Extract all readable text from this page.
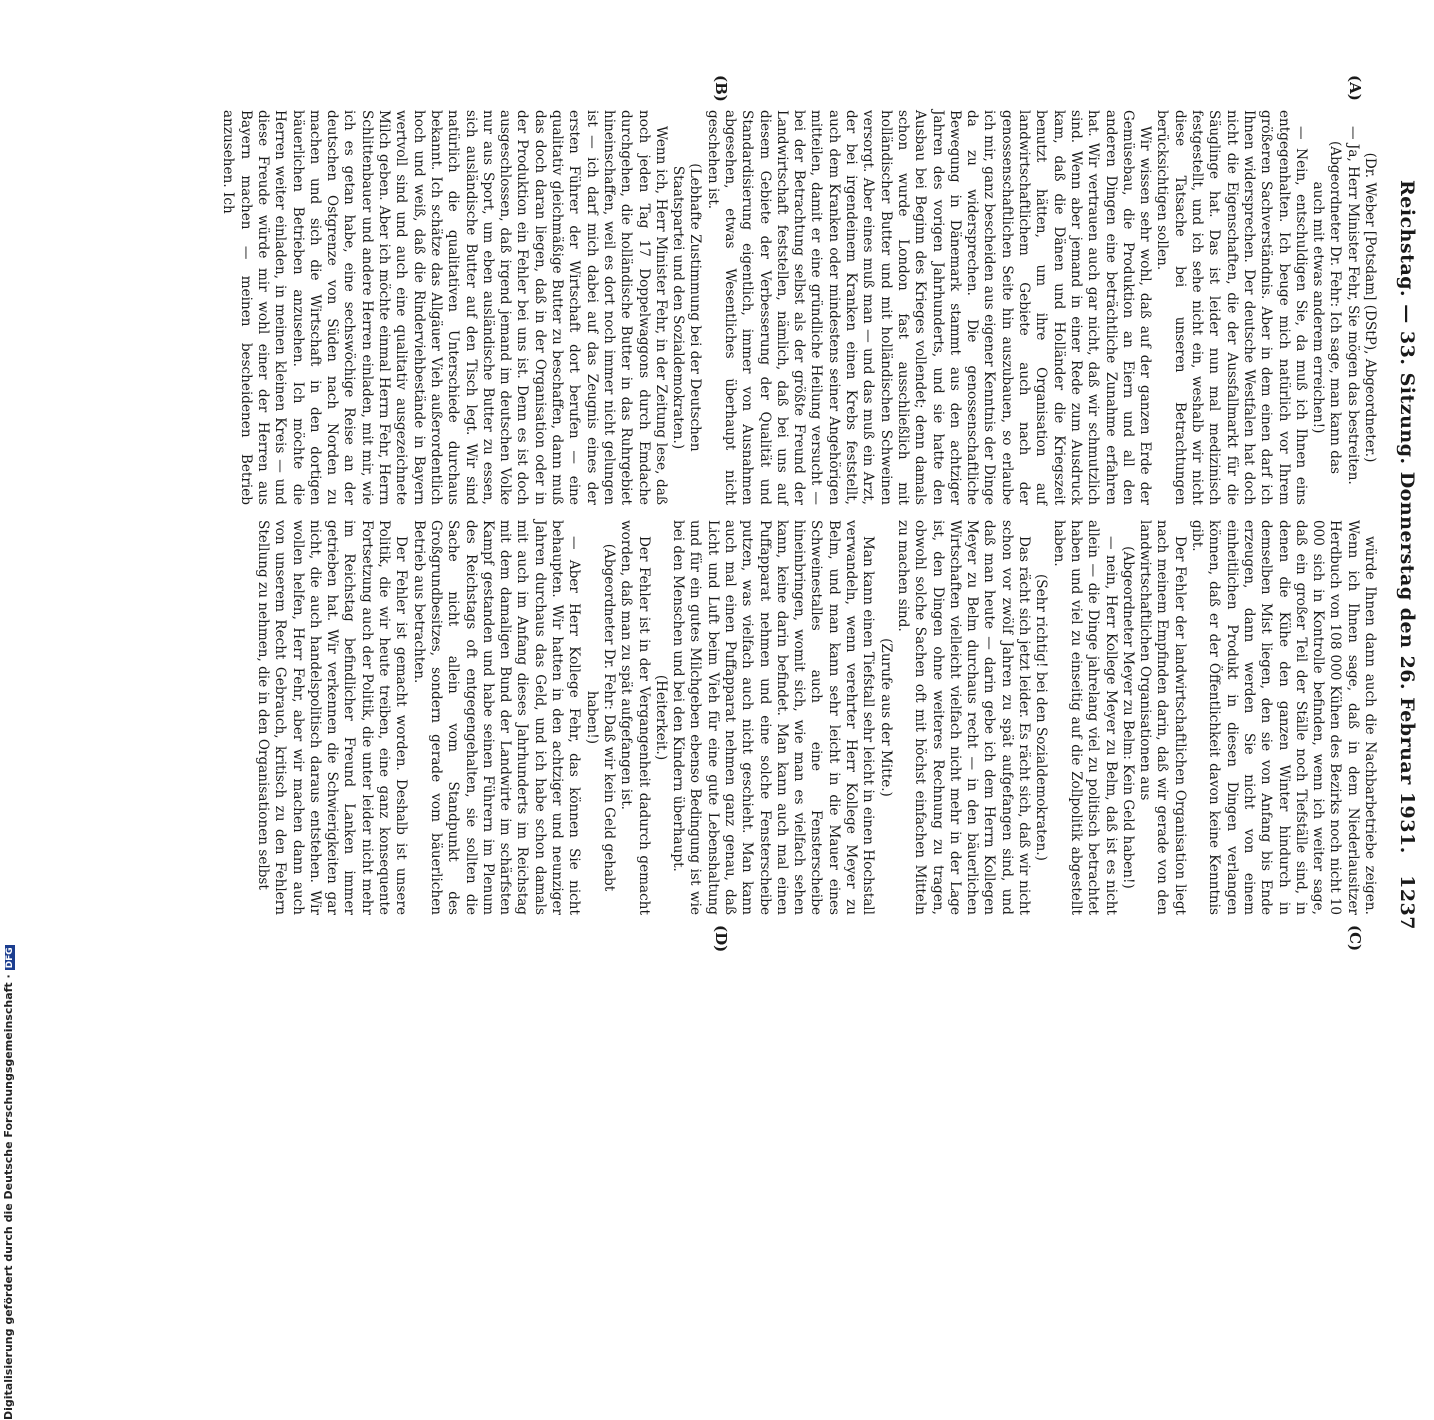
Reichstag. — 33. Sitzung. Donnerstag den 26. Februar 1931.
1237
(A)
(B)
(C)
(D)

(Dr. Weber [Potsdam] (DStP), Abgeordneter.)

— Ja, Herr Minister Fehr, Sie mögen das bestreiten.

(Abgeordneter Dr. Fehr: Ich sage, man kann das auch mit etwas anderem erreichen!)

— Nein, entschuldigen Sie, da muß ich Ihnen eins entgegenhalten. Ich beuge mich natürlich vor Ihrem größeren Sachverständnis. Aber in dem einen darf ich Ihnen widersprechen. Der deutsche Westfalen hat doch nicht die Eigenschaften, die der Aussfallmarkt für die Säuglinge hat. Das ist leider nun mal medizinisch festgestellt, und ich sehe nicht ein, weshalb wir nicht diese Tatsache bei unseren Betrachtungen berücksichtigen sollen.

Wir wissen sehr wohl, daß auf der ganzen Erde der Gemüsebau, die Produktion an Eiern und all den anderen Dingen eine beträchtliche Zunahme erfahren hat. Wir vertrauen auch gar nicht, daß wir schmutzlich sind. Wenn aber jemand in einer Rede zum Ausdruck kam, daß die Dänen und Holländer die Kriegszeit benutzt hätten, um ihre Organisation auf landwirtschaftlichem Gebiete auch nach der genossenschaftlichen Seite hin auszubauen, so erlaube ich mir, ganz bescheiden aus eigener Kenntnis der Dinge da zu widersprechen. Die genossenschaftliche Bewegung in Dänemark stammt aus den achtziger Jahren des vorigen Jahrhunderts, und sie hatte den Ausbau bei Beginn des Krieges vollendet; denn damals schon wurde London fast ausschließlich mit holländischer Butter und mit holländischen Schweinen versorgt. Aber eines muß man — und das muß ein Arzt, der bei irgendeinem Kranken einen Krebs feststellt, auch dem Kranken oder mindestens seiner Angehörigen mitteilen, damit er eine gründliche Heilung versucht — bei der Betrachtung selbst als der größte Freund der Landwirtschaft feststellen, nämlich, daß bei uns auf diesem Gebiete der Verbesserung der Qualität und Standardisierung eigentlich, immer von Ausnahmen abgesehen, etwas Wesentliches überhaupt nicht geschehen ist.

(Lebhafte Zustimmung bei der Deutschen Staatspartei und den Sozialdemokraten.)

Wenn ich, Herr Minister Fehr, in der Zeitung lese, daß noch jeden Tag 17 Doppelwaggons durch Emdache durchgehen, die holländische Butter in das Ruhrgebiet hineinschaffen, weil es dort noch immer nicht gelungen ist — ich darf mich dabei auf das Zeugnis eines der ersten Führer der Wirtschaft dort berufen — eine qualitativ gleichmäßige Butter zu beschaffen, dann muß das doch daran liegen, daß in der Organisation oder in der Produktion ein Fehler bei uns ist. Denn es ist doch ausgeschlossen, daß irgend jemand im deutschen Volke nur aus Sport, um eben ausländische Butter zu essen, sich ausländische Butter auf den Tisch legt. Wir sind natürlich die qualitativen Unterschiede durchaus bekannt. Ich schätze das Allgäuer Vieh außerordentlich hoch und weiß, daß die Rinderviehbestände in Bayern wertvoll sind und auch eine qualitativ ausgezeichnete Milch geben. Aber ich möchte einmal Herrn Fehr, Herrn Schlittenbauer und andere Herren einladen, mit mir, wie ich es getan habe, eine sechswöchige Reise an der deutschen Ostgrenze von Süden nach Norden zu machen und sich die Wirtschaft in den dortigen bäuerlichen Betrieben anzusehen. Ich möchte die Herren weiter einladen, in meinen kleinen Kreis — und diese Freude würde mir wohl einer der Herren aus Bayern machen — meinen bescheidenen Betrieb anzusehen. Ich

würde Ihnen dann auch die Nachbarbetriebe zeigen. Wenn ich Ihnen sage, daß in dem Niederlausitzer Herdbuch von 108 000 Kühen des Bezirks noch nicht 10 000 sich in Kontrolle befinden, wenn ich weiter sage, daß ein großer Teil der Ställe noch Tiefställe sind, in denen die Kühe den ganzen Winter hindurch in demselben Mist liegen, den sie von Anfang bis Ende erzeugen, dann werden Sie nicht von einem einheitlichen Produkt in diesen Dingen verlangen können, daß er der Öffentlichkeit davon keine Kenntnis gibt.

Der Fehler der landwirtschaftlichen Organisation liegt nach meinem Empfinden darin, daß wir gerade von den landwirtschaftlichen Organisationen aus

(Abgeordneter Meyer zu Belm: Kein Geld haben!)

— nein, Herr Kollege Meyer zu Belm, daß ist es nicht allein — die Dinge jahrelang viel zu politisch betrachtet haben und viel zu einseitig auf die Zollpolitik abgestellt haben.

(Sehr richtig! bei den Sozialdemokraten.)

Das rächt sich jetzt leider. Es rächt sich, daß wir nicht schon vor zwölf Jahren zu spät aufgefangen sind, und daß man heute — darin gebe ich dem Herrn Kollegen Meyer zu Belm durchaus recht — in den bäuerlichen Wirtschaften vielleicht vielfach nicht mehr in der Lage ist, den Dingen ohne weiteres Rechnung zu tragen, obwohl solche Sachen oft mit höchst einfachen Mitteln zu machen sind.

(Zurufe aus der Mitte.)

Man kann einen Tiefstall sehr leicht in einen Hochstall verwandeln, wenn verehrter Herr Kollege Meyer zu Belm, und man kann sehr leicht in die Mauer eines Schweinestalles auch eine Fensterscheibe hineinbringen, womit sich, wie man es vielfach sehen kann, keine darin befindet. Man kann auch mal einen Puffapparat nehmen und eine solche Fensterscheibe putzen, was vielfach auch nicht geschieht. Man kann auch mal einen Puffapparat nehmen ganz genau, daß Licht und Luft beim Vieh für eine gute Lebenshaltung und für ein gutes Milchgeben ebenso Bedingung ist wie bei den Menschen und bei den Kindern überhaupt.

(Heiterkeit.)

Der Fehler ist in der Vergangenheit dadurch gemacht worden, daß man zu spät aufgefangen ist.

(Abgeordneter Dr. Fehr: Daß wir kein Geld gehabt haben!)

— Aber Herr Kollege Fehr, das können Sie nicht behaupten. Wir hatten in den achtziger und neunziger Jahren durchaus das Geld, und ich habe schon damals mit auch im Anfang dieses Jahrhunderts im Reichstag mit dem damaligen Bund der Landwirte im schärfsten Kampf gestanden und habe seinen Führern im Plenum des Reichstags oft entgegengehalten, sie sollten die Sache nicht allein vom Standpunkt des Großgrundbesitzes, sondern gerade vom bäuerlichen Betrieb aus betrachten.

Der Fehler ist gemacht worden. Deshalb ist unsere Politik, die wir heute treiben, eine ganz konsequente Fortsetzung auch der Politik, die unter leider nicht mehr im Reichstag befindlicher Freund Lanken immer getrieben hat. Wir verkennen die Schwierigkeiten gar nicht, die auch handelspolitisch daraus entstehen. Wir wollen helfen, Herr Fehr, aber wir machen dann auch von unserem Recht Gebrauch, kritisch zu den Fehlern Stellung zu nehmen, die in den Organisationen selbst

Digitalisierung gefördert durch die Deutsche Forschungsgemeinschaft ·DFG
